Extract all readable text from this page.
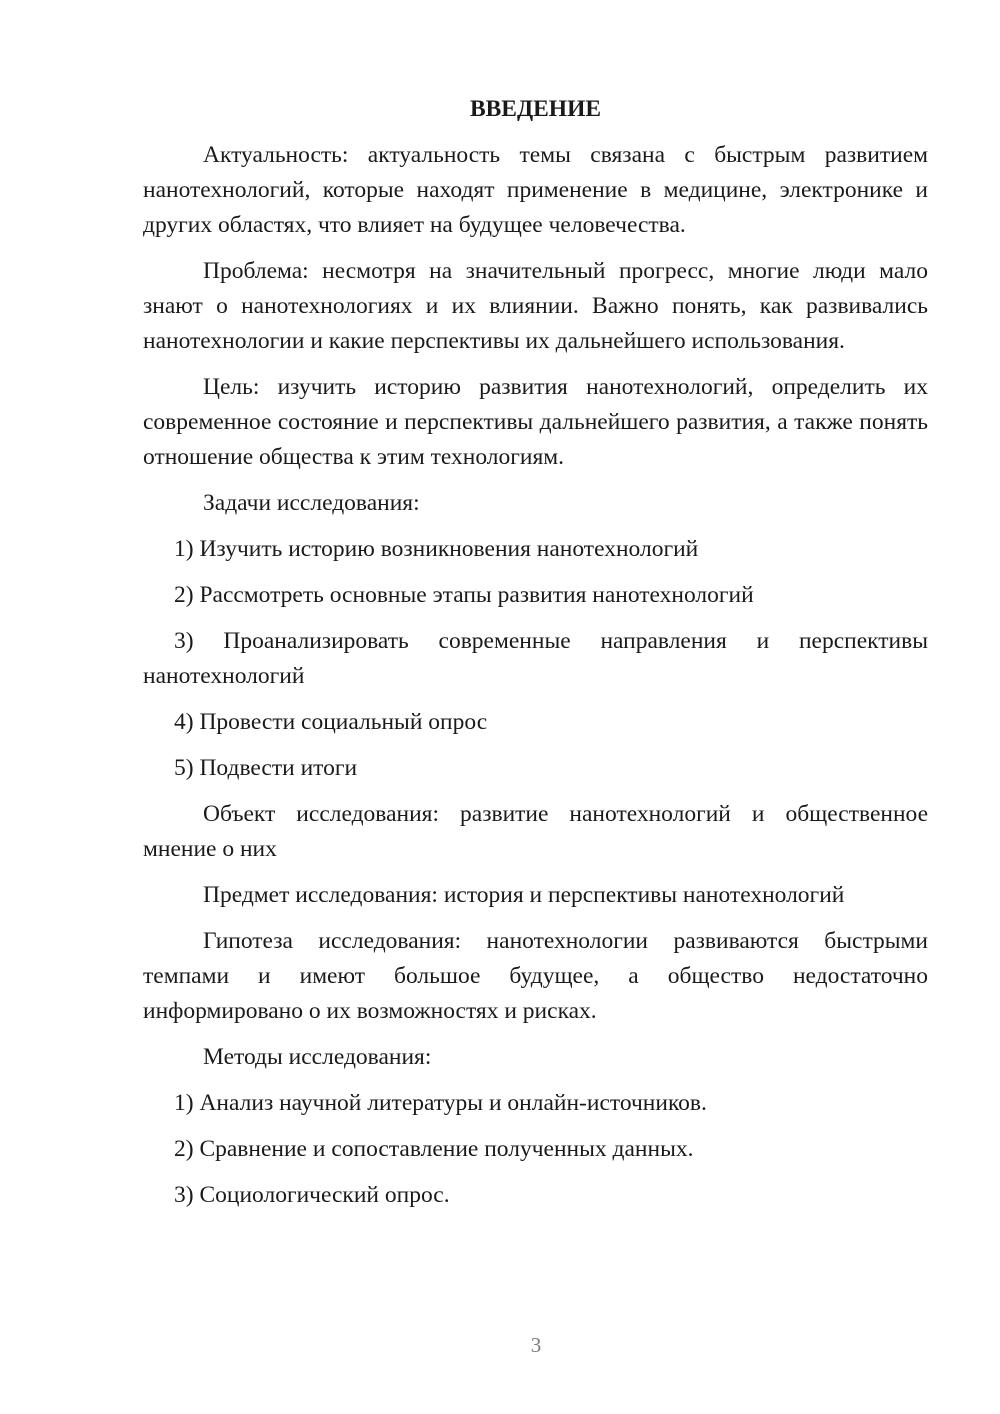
ВВЕДЕНИЕ

Актуальность: актуальность темы связана с быстрым развитием нанотехнологий, которые находят применение в медицине, электронике и других областях, что влияет на будущее человечества.

Проблема: несмотря на значительный прогресс, многие люди мало знают о нанотехнологиях и их влиянии. Важно понять, как развивались нанотехнологии и какие перспективы их дальнейшего использования.

Цель: изучить историю развития нанотехнологий, определить их современное состояние и перспективы дальнейшего развития, а также понять отношение общества к этим технологиям.

Задачи исследования:

1) Изучить историю возникновения нанотехнологий

2) Рассмотреть основные этапы развития нанотехнологий

3) Проанализировать современные направления и перспективы нанотехнологий

4) Провести социальный опрос

5) Подвести итоги

Объект исследования: развитие нанотехнологий и общественное мнение о них

Предмет исследования: история и перспективы нанотехнологий

Гипотеза исследования: нанотехнологии развиваются быстрыми темпами и имеют большое будущее, а общество недостаточно информировано о их возможностях и рисках.

Методы исследования:

1) Анализ научной литературы и онлайн-источников.

2) Сравнение и сопоставление полученных данных.

3) Социологический опрос.

3
